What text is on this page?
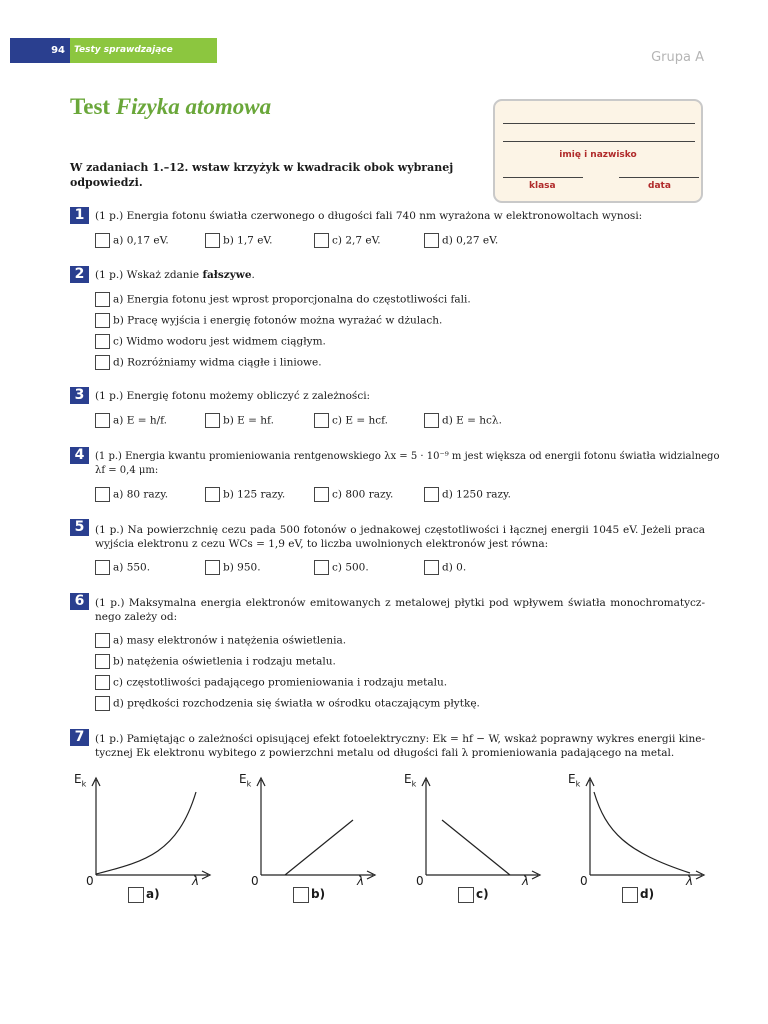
94	Testy sprawdzające	Grupa A
Test Fizyka atomowa
W zadaniach 1.–12. wstaw krzyżyk w kwadracik obok wybranej odpowiedzi.
imię i nazwisko
klasa	data
1	(1 p.) Energia fotonu światła czerwonego o długości fali 740 nm wyrażona w elektronowoltach wynosi:
a) 0,17 eV.	b) 1,7 eV.	c) 2,7 eV.	d) 0,27 eV.
2	(1 p.) Wskaż zdanie fałszywe.
a) Energia fotonu jest wprost proporcjonalna do częstotliwości fali.
b) Pracę wyjścia i energię fotonów można wyrażać w dżulach.
c) Widmo wodoru jest widmem ciągłym.
d) Rozróżniamy widma ciągłe i liniowe.
3	(1 p.) Energię fotonu możemy obliczyć z zależności:
a) E = h/f.	b) E = hf.	c) E = hcf.	d) E = hcλ.
4	(1 p.) Energia kwantu promieniowania rentgenowskiego λx = 5 · 10⁻⁹ m jest większa od energii fotonu światła widzialnego
λf = 0,4 μm:
a) 80 razy.	b) 125 razy.	c) 800 razy.	d) 1250 razy.
5	(1 p.) Na powierzchnię cezu pada 500 fotonów o jednakowej częstotliwości i łącznej energii 1045 eV. Jeżeli praca wyjścia elektronu z cezu WCs = 1,9 eV, to liczba uwolnionych elektronów jest równa:
a) 550.	b) 950.	c) 500.	d) 0.
6	(1 p.) Maksymalna energia elektronów emitowanych z metalowej płytki pod wpływem światła monochromatycz-nego zależy od:
a) masy elektronów i natężenia oświetlenia.
b) natężenia oświetlenia i rodzaju metalu.
c) częstotliwości padającego promieniowania i rodzaju metalu.
d) prędkości rozchodzenia się światła w ośrodku otaczającym płytkę.
7	(1 p.) Pamiętając o zależności opisującej efekt fotoelektryczny: Ek = hf − W, wskaż poprawny wykres energii kine-tycznej Ek elektronu wybitego z powierzchni metalu od długości fali λ promieniowania padającego na metal.
$E_k$
0	λ
a)
$E_k$
0	λ
b)
$E_k$
0	λ
c)
$E_k$
0	λ
d)
